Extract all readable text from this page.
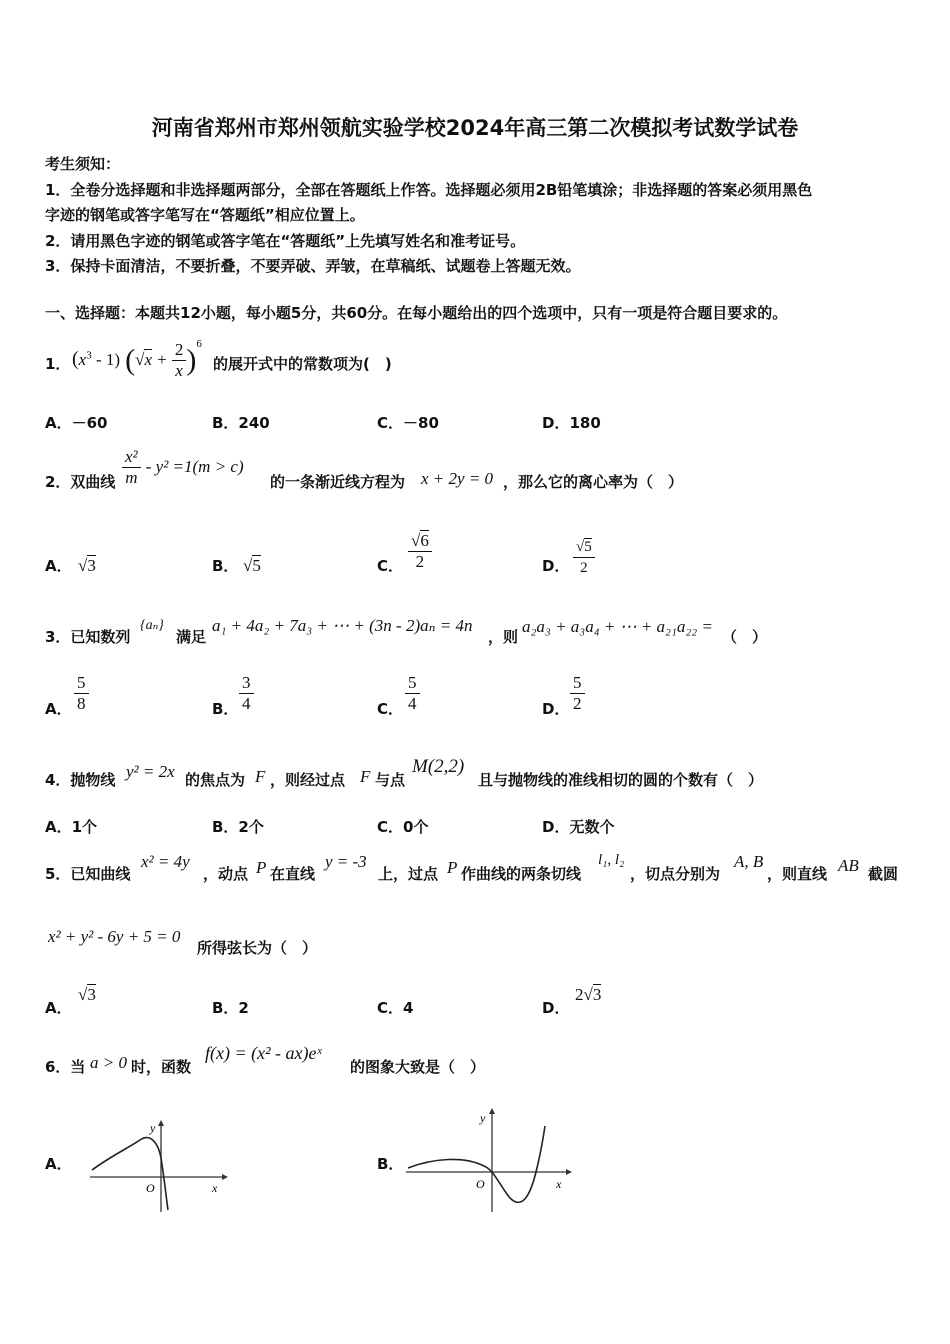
河南省郑州市郑州领航实验学校2024年高三第二次模拟考试数学试卷
考生须知：
1．全卷分选择题和非选择题两部分，全部在答题纸上作答。选择题必须用2B铅笔填涂；非选择题的答案必须用黑色
字迹的钢笔或答字笔写在“答题纸”相应位置上。
2．请用黑色字迹的钢笔或答字笔在“答题纸”上先填写姓名和准考证号。
3．保持卡面清洁，不要折叠，不要弄破、弄皱，在草稿纸、试题卷上答题无效。
一、选择题：本题共12小题，每小题5分，共60分。在每小题给出的四个选项中，只有一项是符合题目要求的。
1． $(x^3 - 1) (√x + \frac{2}{x} )^6$
的展开式中的常数项为(　)
A．－60	B．240	C．－80	D．180
2．双曲线 $\frac{\text{x²}}{m} - y^2 =1(m > c)$
的一条渐近线方程为 x + 2y = 0 ，那么它的离心率为（　）
A． √3	B． √5	C． $\frac{√6}{2}$	D． $\frac{√5}{2}$
3．已知数列
{aₙ}
满足
a₁ + 4a₂ + 7a₃ + ⋯ + (3n - 2)aₙ = 4n
，则
a₂a₃ + a₃a₄ + ⋯ + a₂₁a₂₂ =
（　）
A． $\frac{5}{8}$	B． $\frac{3}{4}$	C． $\frac{5}{4}$	D． $\frac{5}{2}$
4．抛物线 y² = 2x 的焦点为 F ，则经过点 F 与点
M(2,2)
且与抛物线的准线相切的圆的个数有（　）
A．1个	B．2个	C．0个	D．无数个
5．已知曲线
x² = 4y
，动点 P 在直线
y = -3
上，过点 P 作曲线的两条切线
l₁, l₂
，切点分别为
A, B
，则直线 AB 截圆
x² + y² - 6y + 5 = 0
所得弦长为（　）
A．
√3
B．2	C．4	D．
2√3
6．当 a > 0 时，函数
f(x) = (x² - ax)eˣ
的图象大致是（　）
A．
y
x
O
B．
y
x
O
